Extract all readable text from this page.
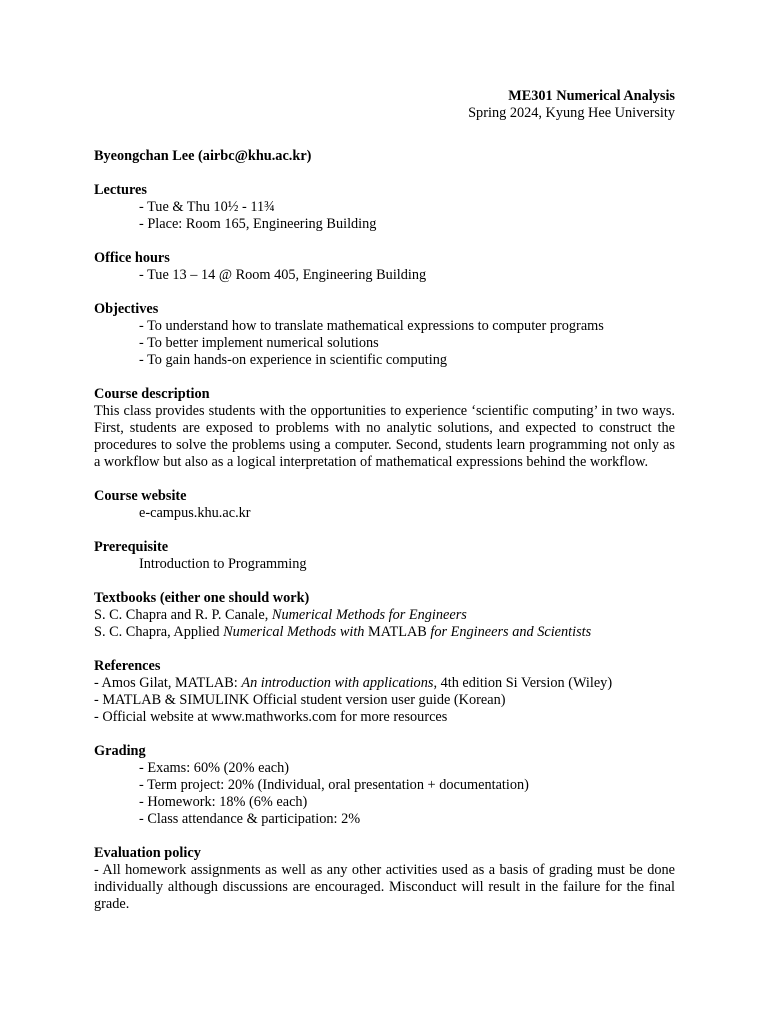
ME301 Numerical Analysis
Spring 2024, Kyung Hee University
Byeongchan Lee (airbc@khu.ac.kr)
Lectures
- Tue & Thu 10½ - 11¾
- Place: Room 165, Engineering Building
Office hours
- Tue 13 – 14 @ Room 405, Engineering Building
Objectives
- To understand how to translate mathematical expressions to computer programs
- To better implement numerical solutions
- To gain hands-on experience in scientific computing
Course description
This class provides students with the opportunities to experience ‘scientific computing’ in two ways. First, students are exposed to problems with no analytic solutions, and expected to construct the procedures to solve the problems using a computer. Second, students learn programming not only as a workflow but also as a logical interpretation of mathematical expressions behind the workflow.
Course website
e-campus.khu.ac.kr
Prerequisite
Introduction to Programming
Textbooks (either one should work)
S. C. Chapra and R. P. Canale, Numerical Methods for Engineers
S. C. Chapra, Applied Numerical Methods with MATLAB for Engineers and Scientists
References
- Amos Gilat, MATLAB: An introduction with applications, 4th edition Si Version (Wiley)
- MATLAB & SIMULINK Official student version user guide (Korean)
- Official website at www.mathworks.com for more resources
Grading
- Exams: 60% (20% each)
- Term project: 20% (Individual, oral presentation + documentation)
- Homework: 18% (6% each)
- Class attendance & participation: 2%
Evaluation policy
- All homework assignments as well as any other activities used as a basis of grading must be done individually although discussions are encouraged. Misconduct will result in the failure for the final grade.
